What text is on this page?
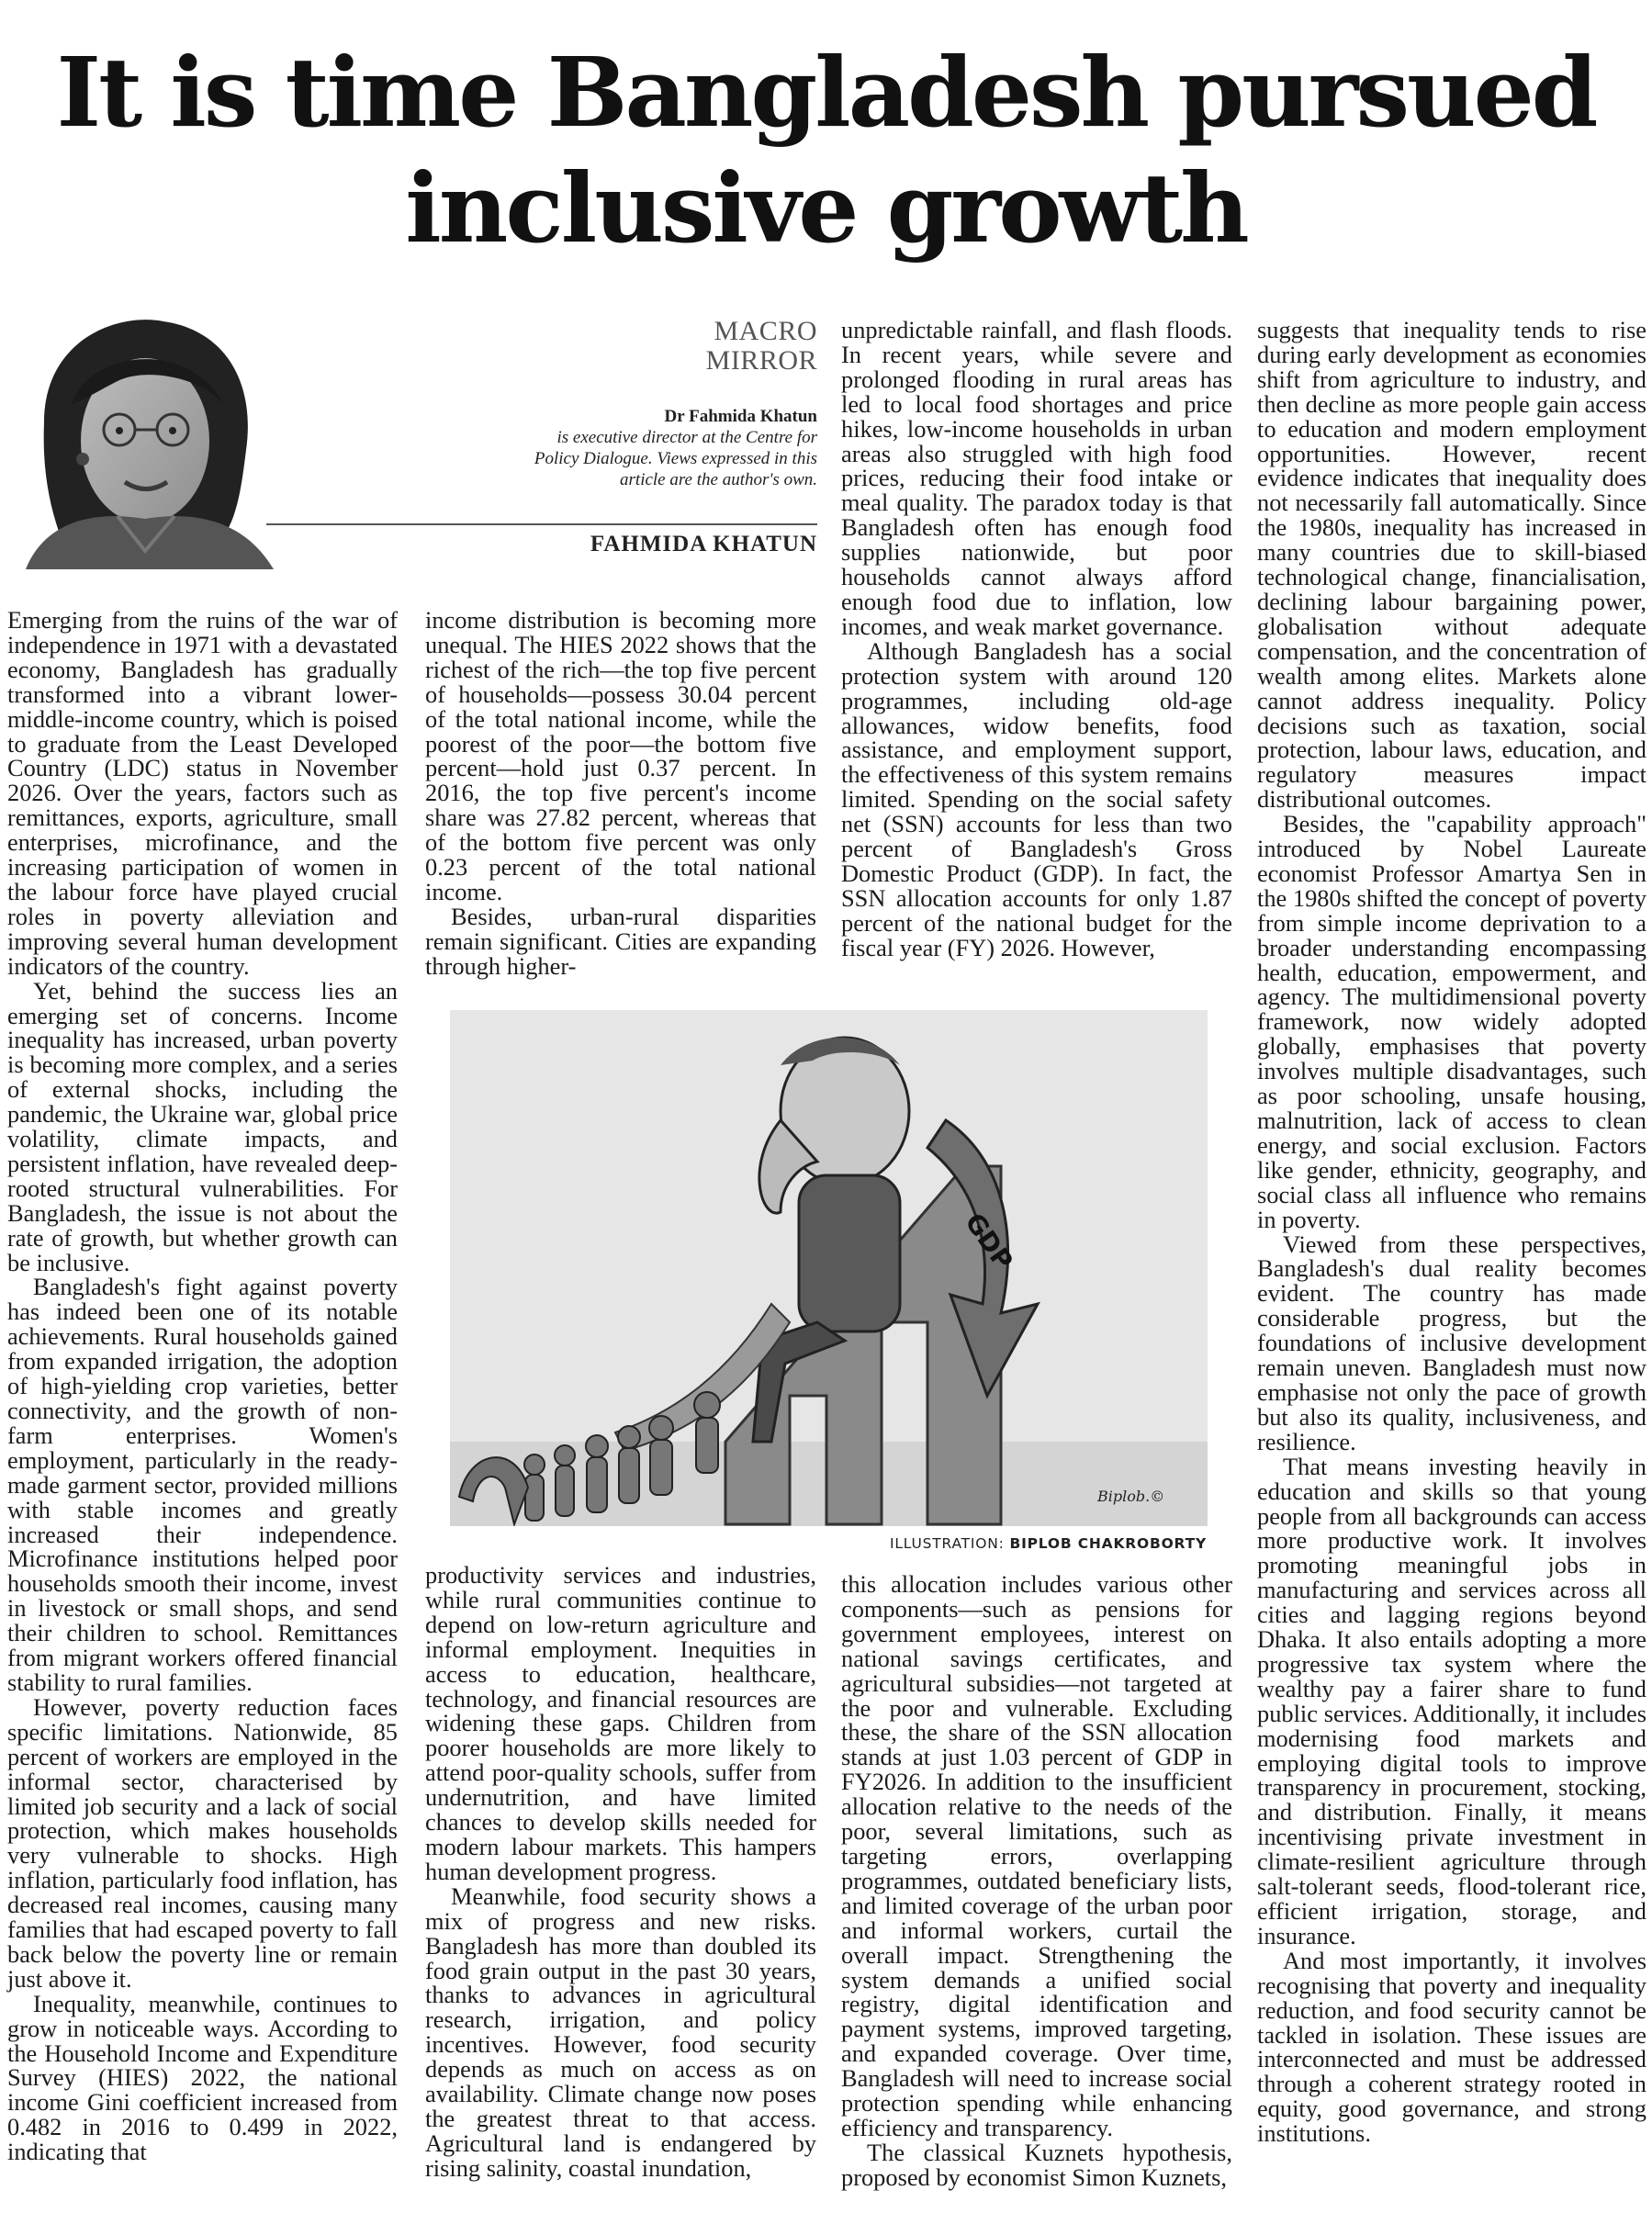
It is time Bangladesh pursued
inclusive growth
MACRO
MIRROR
Dr Fahmida Khatun
is executive director at the Centre for
Policy Dialogue. Views expressed in this
article are the author's own.
FAHMIDA KHATUN

Emerging from the ruins of the war of independence in 1971 with a devastated economy, Bangladesh has gradually transformed into a vibrant lower-middle-income country, which is poised to graduate from the Least Developed Country (LDC) status in November 2026. Over the years, factors such as remittances, exports, agriculture, small enterprises, microfinance, and the increasing participation of women in the labour force have played crucial roles in poverty alleviation and improving several human development indicators of the country.

Yet, behind the success lies an emerging set of concerns. Income inequality has increased, urban poverty is becoming more complex, and a series of external shocks, including the pandemic, the Ukraine war, global price volatility, climate impacts, and persistent inflation, have revealed deep-rooted structural vulnerabilities. For Bangladesh, the issue is not about the rate of growth, but whether growth can be inclusive.

Bangladesh's fight against poverty has indeed been one of its notable achievements. Rural households gained from expanded irrigation, the adoption of high-yielding crop varieties, better connectivity, and the growth of non-farm enterprises. Women's employment, particularly in the ready-made garment sector, provided millions with stable incomes and greatly increased their independence. Microfinance institutions helped poor households smooth their income, invest in livestock or small shops, and send their children to school. Remittances from migrant workers offered financial stability to rural families.

However, poverty reduction faces specific limitations. Nationwide, 85 percent of workers are employed in the informal sector, characterised by limited job security and a lack of social protection, which makes households very vulnerable to shocks. High inflation, particularly food inflation, has decreased real incomes, causing many families that had escaped poverty to fall back below the poverty line or remain just above it.

Inequality, meanwhile, continues to grow in noticeable ways. According to the Household Income and Expenditure Survey (HIES) 2022, the national income Gini coefficient increased from 0.482 in 2016 to 0.499 in 2022, indicating that

income distribution is becoming more unequal. The HIES 2022 shows that the richest of the rich—the top five percent of households—possess 30.04 percent of the total national income, while the poorest of the poor—the bottom five percent—hold just 0.37 percent. In 2016, the top five percent's income share was 27.82 percent, whereas that of the bottom five percent was only 0.23 percent of the total national income.

Besides, urban-rural disparities remain significant. Cities are expanding through higher-

unpredictable rainfall, and flash floods. In recent years, while severe and prolonged flooding in rural areas has led to local food shortages and price hikes, low-income households in urban areas also struggled with high food prices, reducing their food intake or meal quality. The paradox today is that Bangladesh often has enough food supplies nationwide, but poor households cannot always afford enough food due to inflation, low incomes, and weak market governance.

Although Bangladesh has a social protection system with around 120 programmes, including old-age allowances, widow benefits, food assistance, and employment support, the effectiveness of this system remains limited. Spending on the social safety net (SSN) accounts for less than two percent of Bangladesh's Gross Domestic Product (GDP). In fact, the SSN allocation accounts for only 1.87 percent of the national budget for the fiscal year (FY) 2026. However,

GDP
Biplob.©
ILLUSTRATION: BIPLOB CHAKROBORTY

productivity services and industries, while rural communities continue to depend on low-return agriculture and informal employment. Inequities in access to education, healthcare, technology, and financial resources are widening these gaps. Children from poorer households are more likely to attend poor-quality schools, suffer from undernutrition, and have limited chances to develop skills needed for modern labour markets. This hampers human development progress.

Meanwhile, food security shows a mix of progress and new risks. Bangladesh has more than doubled its food grain output in the past 30 years, thanks to advances in agricultural research, irrigation, and policy incentives. However, food security depends as much on access as on availability. Climate change now poses the greatest threat to that access. Agricultural land is endangered by rising salinity, coastal inundation,

this allocation includes various other components—such as pensions for government employees, interest on national savings certificates, and agricultural subsidies—not targeted at the poor and vulnerable. Excluding these, the share of the SSN allocation stands at just 1.03 percent of GDP in FY2026. In addition to the insufficient allocation relative to the needs of the poor, several limitations, such as targeting errors, overlapping programmes, outdated beneficiary lists, and limited coverage of the urban poor and informal workers, curtail the overall impact. Strengthening the system demands a unified social registry, digital identification and payment systems, improved targeting, and expanded coverage. Over time, Bangladesh will need to increase social protection spending while enhancing efficiency and transparency.

The classical Kuznets hypothesis, proposed by economist Simon Kuznets,

suggests that inequality tends to rise during early development as economies shift from agriculture to industry, and then decline as more people gain access to education and modern employment opportunities. However, recent evidence indicates that inequality does not necessarily fall automatically. Since the 1980s, inequality has increased in many countries due to skill-biased technological change, financialisation, declining labour bargaining power, globalisation without adequate compensation, and the concentration of wealth among elites. Markets alone cannot address inequality. Policy decisions such as taxation, social protection, labour laws, education, and regulatory measures impact distributional outcomes.

Besides, the "capability approach" introduced by Nobel Laureate economist Professor Amartya Sen in the 1980s shifted the concept of poverty from simple income deprivation to a broader understanding encompassing health, education, empowerment, and agency. The multidimensional poverty framework, now widely adopted globally, emphasises that poverty involves multiple disadvantages, such as poor schooling, unsafe housing, malnutrition, lack of access to clean energy, and social exclusion. Factors like gender, ethnicity, geography, and social class all influence who remains in poverty.

Viewed from these perspectives, Bangladesh's dual reality becomes evident. The country has made considerable progress, but the foundations of inclusive development remain uneven. Bangladesh must now emphasise not only the pace of growth but also its quality, inclusiveness, and resilience.

That means investing heavily in education and skills so that young people from all backgrounds can access more productive work. It involves promoting meaningful jobs in manufacturing and services across all cities and lagging regions beyond Dhaka. It also entails adopting a more progressive tax system where the wealthy pay a fairer share to fund public services. Additionally, it includes modernising food markets and employing digital tools to improve transparency in procurement, stocking, and distribution. Finally, it means incentivising private investment in climate-resilient agriculture through salt-tolerant seeds, flood-tolerant rice, efficient irrigation, storage, and insurance.

And most importantly, it involves recognising that poverty and inequality reduction, and food security cannot be tackled in isolation. These issues are interconnected and must be addressed through a coherent strategy rooted in equity, good governance, and strong institutions.
